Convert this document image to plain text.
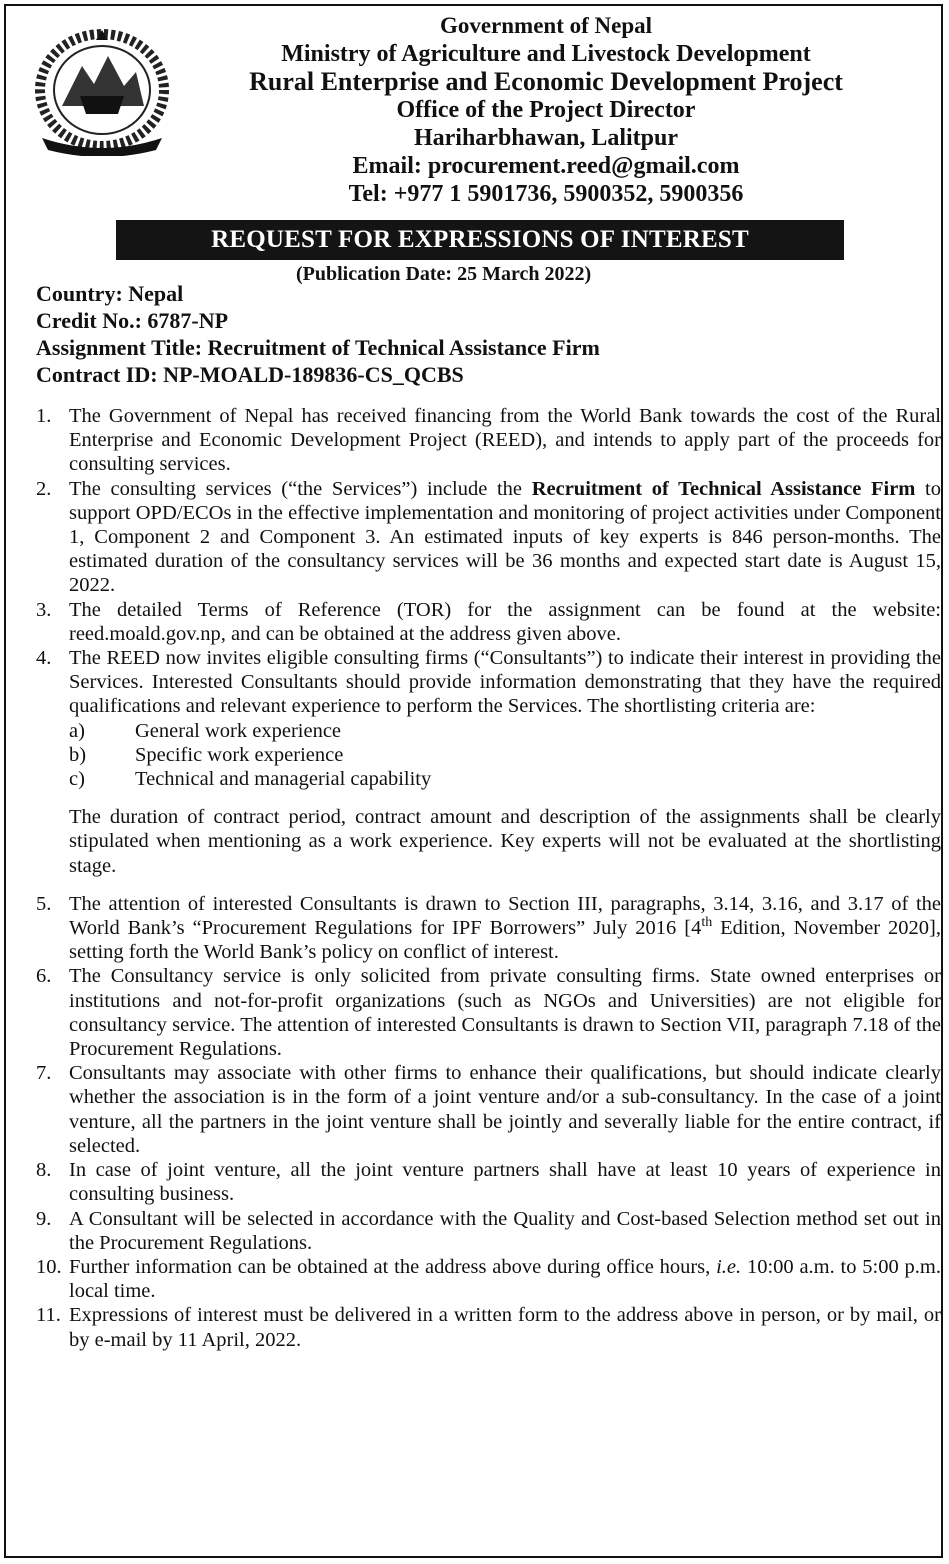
Government of Nepal
Ministry of Agriculture and Livestock Development
Rural Enterprise and Economic Development Project
Office of the Project Director
Hariharbhawan, Lalitpur
Email: procurement.reed@gmail.com
Tel: +977 1 5901736, 5900352, 5900356
REQUEST FOR EXPRESSIONS OF INTEREST
(Publication Date: 25 March 2022)
Country: Nepal
Credit No.: 6787-NP
Assignment Title: Recruitment of Technical Assistance Firm
Contract ID: NP-MOALD-189836-CS_QCBS
1. The Government of Nepal has received financing from the World Bank towards the cost of the Rural Enterprise and Economic Development Project (REED), and intends to apply part of the proceeds for consulting services.
2. The consulting services (“the Services”) include the Recruitment of Technical Assistance Firm to support OPD/ECOs in the effective implementation and monitoring of project activities under Component 1, Component 2 and Component 3. An estimated inputs of key experts is 846 person-months. The estimated duration of the consultancy services will be 36 months and expected start date is August 15, 2022.
3. The detailed Terms of Reference (TOR) for the assignment can be found at the website: reed.moald.gov.np, and can be obtained at the address given above.
4. The REED now invites eligible consulting firms (“Consultants”) to indicate their interest in providing the Services. Interested Consultants should provide information demonstrating that they have the required qualifications and relevant experience to perform the Services. The shortlisting criteria are:
a)	General work experience
b)	Specific work experience
c)	Technical and managerial capability
The duration of contract period, contract amount and description of the assignments shall be clearly stipulated when mentioning as a work experience. Key experts will not be evaluated at the shortlisting stage.
5. The attention of interested Consultants is drawn to Section III, paragraphs, 3.14, 3.16, and 3.17 of the World Bank’s “Procurement Regulations for IPF Borrowers” July 2016 [4th Edition, November 2020], setting forth the World Bank’s policy on conflict of interest.
6. The Consultancy service is only solicited from private consulting firms. State owned enterprises or institutions and not-for-profit organizations (such as NGOs and Universities) are not eligible for consultancy service. The attention of interested Consultants is drawn to Section VII, paragraph 7.18 of the Procurement Regulations.
7. Consultants may associate with other firms to enhance their qualifications, but should indicate clearly whether the association is in the form of a joint venture and/or a sub-consultancy. In the case of a joint venture, all the partners in the joint venture shall be jointly and severally liable for the entire contract, if selected.
8. In case of joint venture, all the joint venture partners shall have at least 10 years of experience in consulting business.
9. A Consultant will be selected in accordance with the Quality and Cost-based Selection method set out in the Procurement Regulations.
10. Further information can be obtained at the address above during office hours, i.e. 10:00 a.m. to 5:00 p.m. local time.
11. Expressions of interest must be delivered in a written form to the address above in person, or by mail, or by e-mail by 11 April, 2022.
